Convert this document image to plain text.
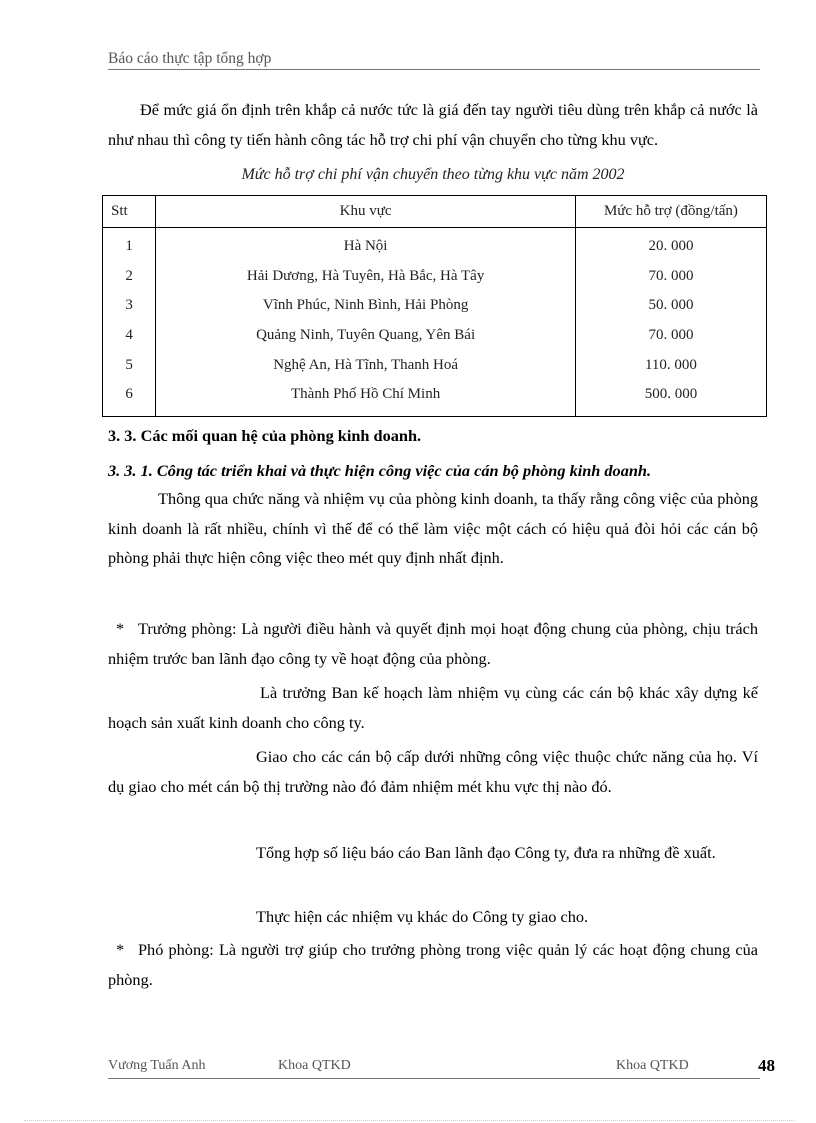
Báo cáo thực tập tổng hợp
Để mức giá ổn định trên khắp cả nước tức là giá đến tay người tiêu dùng trên khắp cả nước là như nhau thì công ty tiến hành công tác hỗ trợ chi phí vận chuyển cho từng khu vực.
Mức hỗ trợ chi phí vận chuyển theo từng khu vực năm 2002
Stt	Khu vực	Mức hỗ trợ (đồng/tấn)
1	Hà Nội	20. 000
2	Hải Dương, Hà Tuyên, Hà Bắc, Hà Tây	70. 000
3	Vĩnh Phúc, Ninh Bình, Hải Phòng	50. 000
4	Quảng Ninh, Tuyên Quang, Yên Bái	70. 000
5	Nghệ An, Hà Tĩnh, Thanh Hoá	110. 000
6	Thành Phố Hồ Chí Minh	500. 000
3. 3. Các mối quan hệ của phòng kinh doanh.
3. 3. 1. Công tác triển khai và thực hiện công việc của cán bộ phòng kinh doanh.
Thông qua chức năng và nhiệm vụ của phòng kinh doanh, ta thấy rằng công việc của phòng kinh doanh là rất nhiều, chính vì thế để có thể làm việc một cách có hiệu quả đòi hỏi các cán bộ phòng phải thực hiện công việc theo mét quy định nhất định.
* Trưởng phòng: Là người điều hành và quyết định mọi hoạt động chung của phòng, chịu trách nhiệm trước ban lãnh đạo công ty về hoạt động của phòng.
Là trưởng Ban kế hoạch làm nhiệm vụ cùng các cán bộ khác xây dựng kế hoạch sản xuất kinh doanh cho công ty.
Giao cho các cán bộ cấp dưới những công việc thuộc chức năng của họ. Ví dụ giao cho mét cán bộ thị trường nào đó đảm nhiệm mét khu vực thị nào đó.
Tổng hợp số liệu báo cáo Ban lãnh đạo Công ty, đưa ra những đề xuất.
Thực hiện các nhiệm vụ khác do Công ty giao cho.
* Phó phòng: Là người trợ giúp cho trưởng phòng trong việc quản lý các hoạt động chung của phòng.
Vương Tuấn Anh	Khoa QTKD	Khoa QTKD	48
